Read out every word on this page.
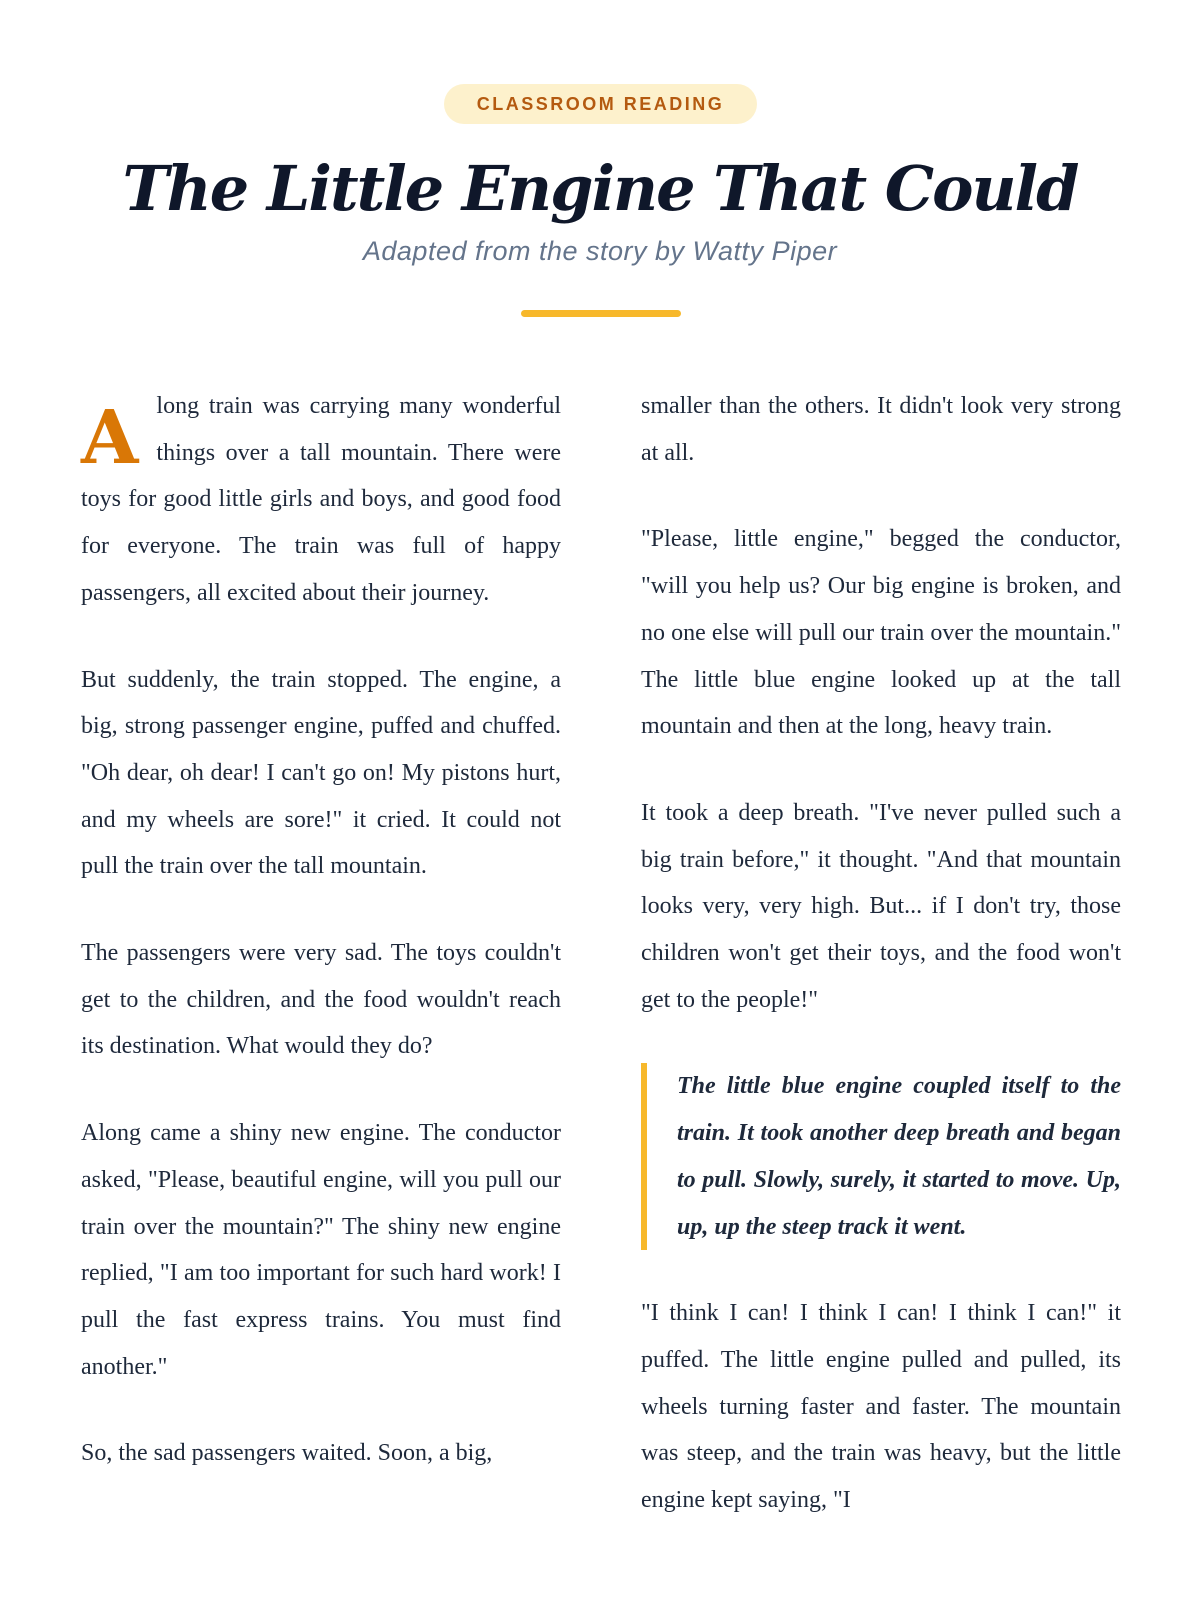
CLASSROOM READING
The Little Engine That Could
Adapted from the story by Watty Piper

Along train was carrying many wonderful things over a tall mountain. There were toys for good little girls and boys, and good food for everyone. The train was full of happy passengers, all excited about their journey.

But suddenly, the train stopped. The engine, a big, strong passenger engine, puffed and chuffed. "Oh dear, oh dear! I can't go on! My pistons hurt, and my wheels are sore!" it cried. It could not pull the train over the tall mountain.

The passengers were very sad. The toys couldn't get to the children, and the food wouldn't reach its destination. What would they do?

Along came a shiny new engine. The conductor asked, "Please, beautiful engine, will you pull our train over the mountain?" The shiny new engine replied, "I am too important for such hard work! I pull the fast express trains. You must find another."

So, the sad passengers waited. Soon, a big,

smaller than the others. It didn't look very strong at all.

"Please, little engine," begged the conductor, "will you help us? Our big engine is broken, and no one else will pull our train over the mountain." The little blue engine looked up at the tall mountain and then at the long, heavy train.

It took a deep breath. "I've never pulled such a big train before," it thought. "And that mountain looks very, very high. But... if I don't try, those children won't get their toys, and the food won't get to the people!"

The little blue engine coupled itself to the train. It took another deep breath and began to pull. Slowly, surely, it started to move. Up, up, up the steep track it went.

"I think I can! I think I can! I think I can!" it puffed. The little engine pulled and pulled, its wheels turning faster and faster. The mountain was steep, and the train was heavy, but the little engine kept saying, "I
